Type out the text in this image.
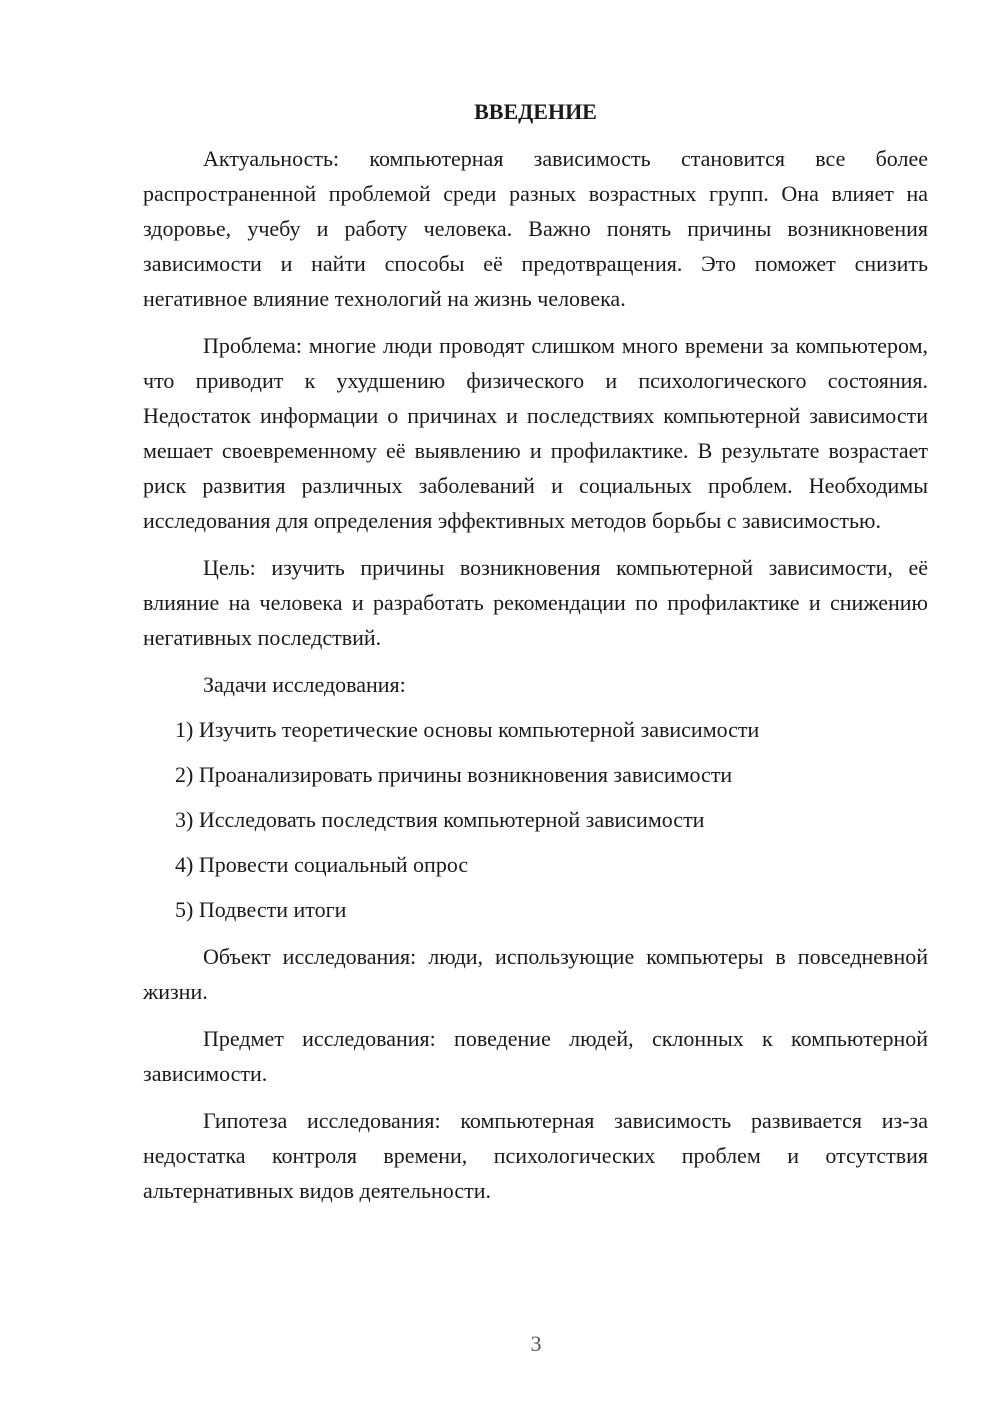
ВВЕДЕНИЕ

Актуальность: компьютерная зависимость становится все более распространенной проблемой среди разных возрастных групп. Она влияет на здоровье, учебу и работу человека. Важно понять причины возникновения зависимости и найти способы её предотвращения. Это поможет снизить негативное влияние технологий на жизнь человека.

Проблема: многие люди проводят слишком много времени за компьютером, что приводит к ухудшению физического и психологического состояния. Недостаток информации о причинах и последствиях компьютерной зависимости мешает своевременному её выявлению и профилактике. В результате возрастает риск развития различных заболеваний и социальных проблем. Необходимы исследования для определения эффективных методов борьбы с зависимостью.

Цель: изучить причины возникновения компьютерной зависимости, её влияние на человека и разработать рекомендации по профилактике и снижению негативных последствий.

Задачи исследования:
1) Изучить теоретические основы компьютерной зависимости
2) Проанализировать причины возникновения зависимости
3) Исследовать последствия компьютерной зависимости
4) Провести социальный опрос
5) Подвести итоги

Объект исследования: люди, использующие компьютеры в повседневной жизни.

Предмет исследования: поведение людей, склонных к компьютерной зависимости.

Гипотеза исследования: компьютерная зависимость развивается из-за недостатка контроля времени, психологических проблем и отсутствия альтернативных видов деятельности.

3
